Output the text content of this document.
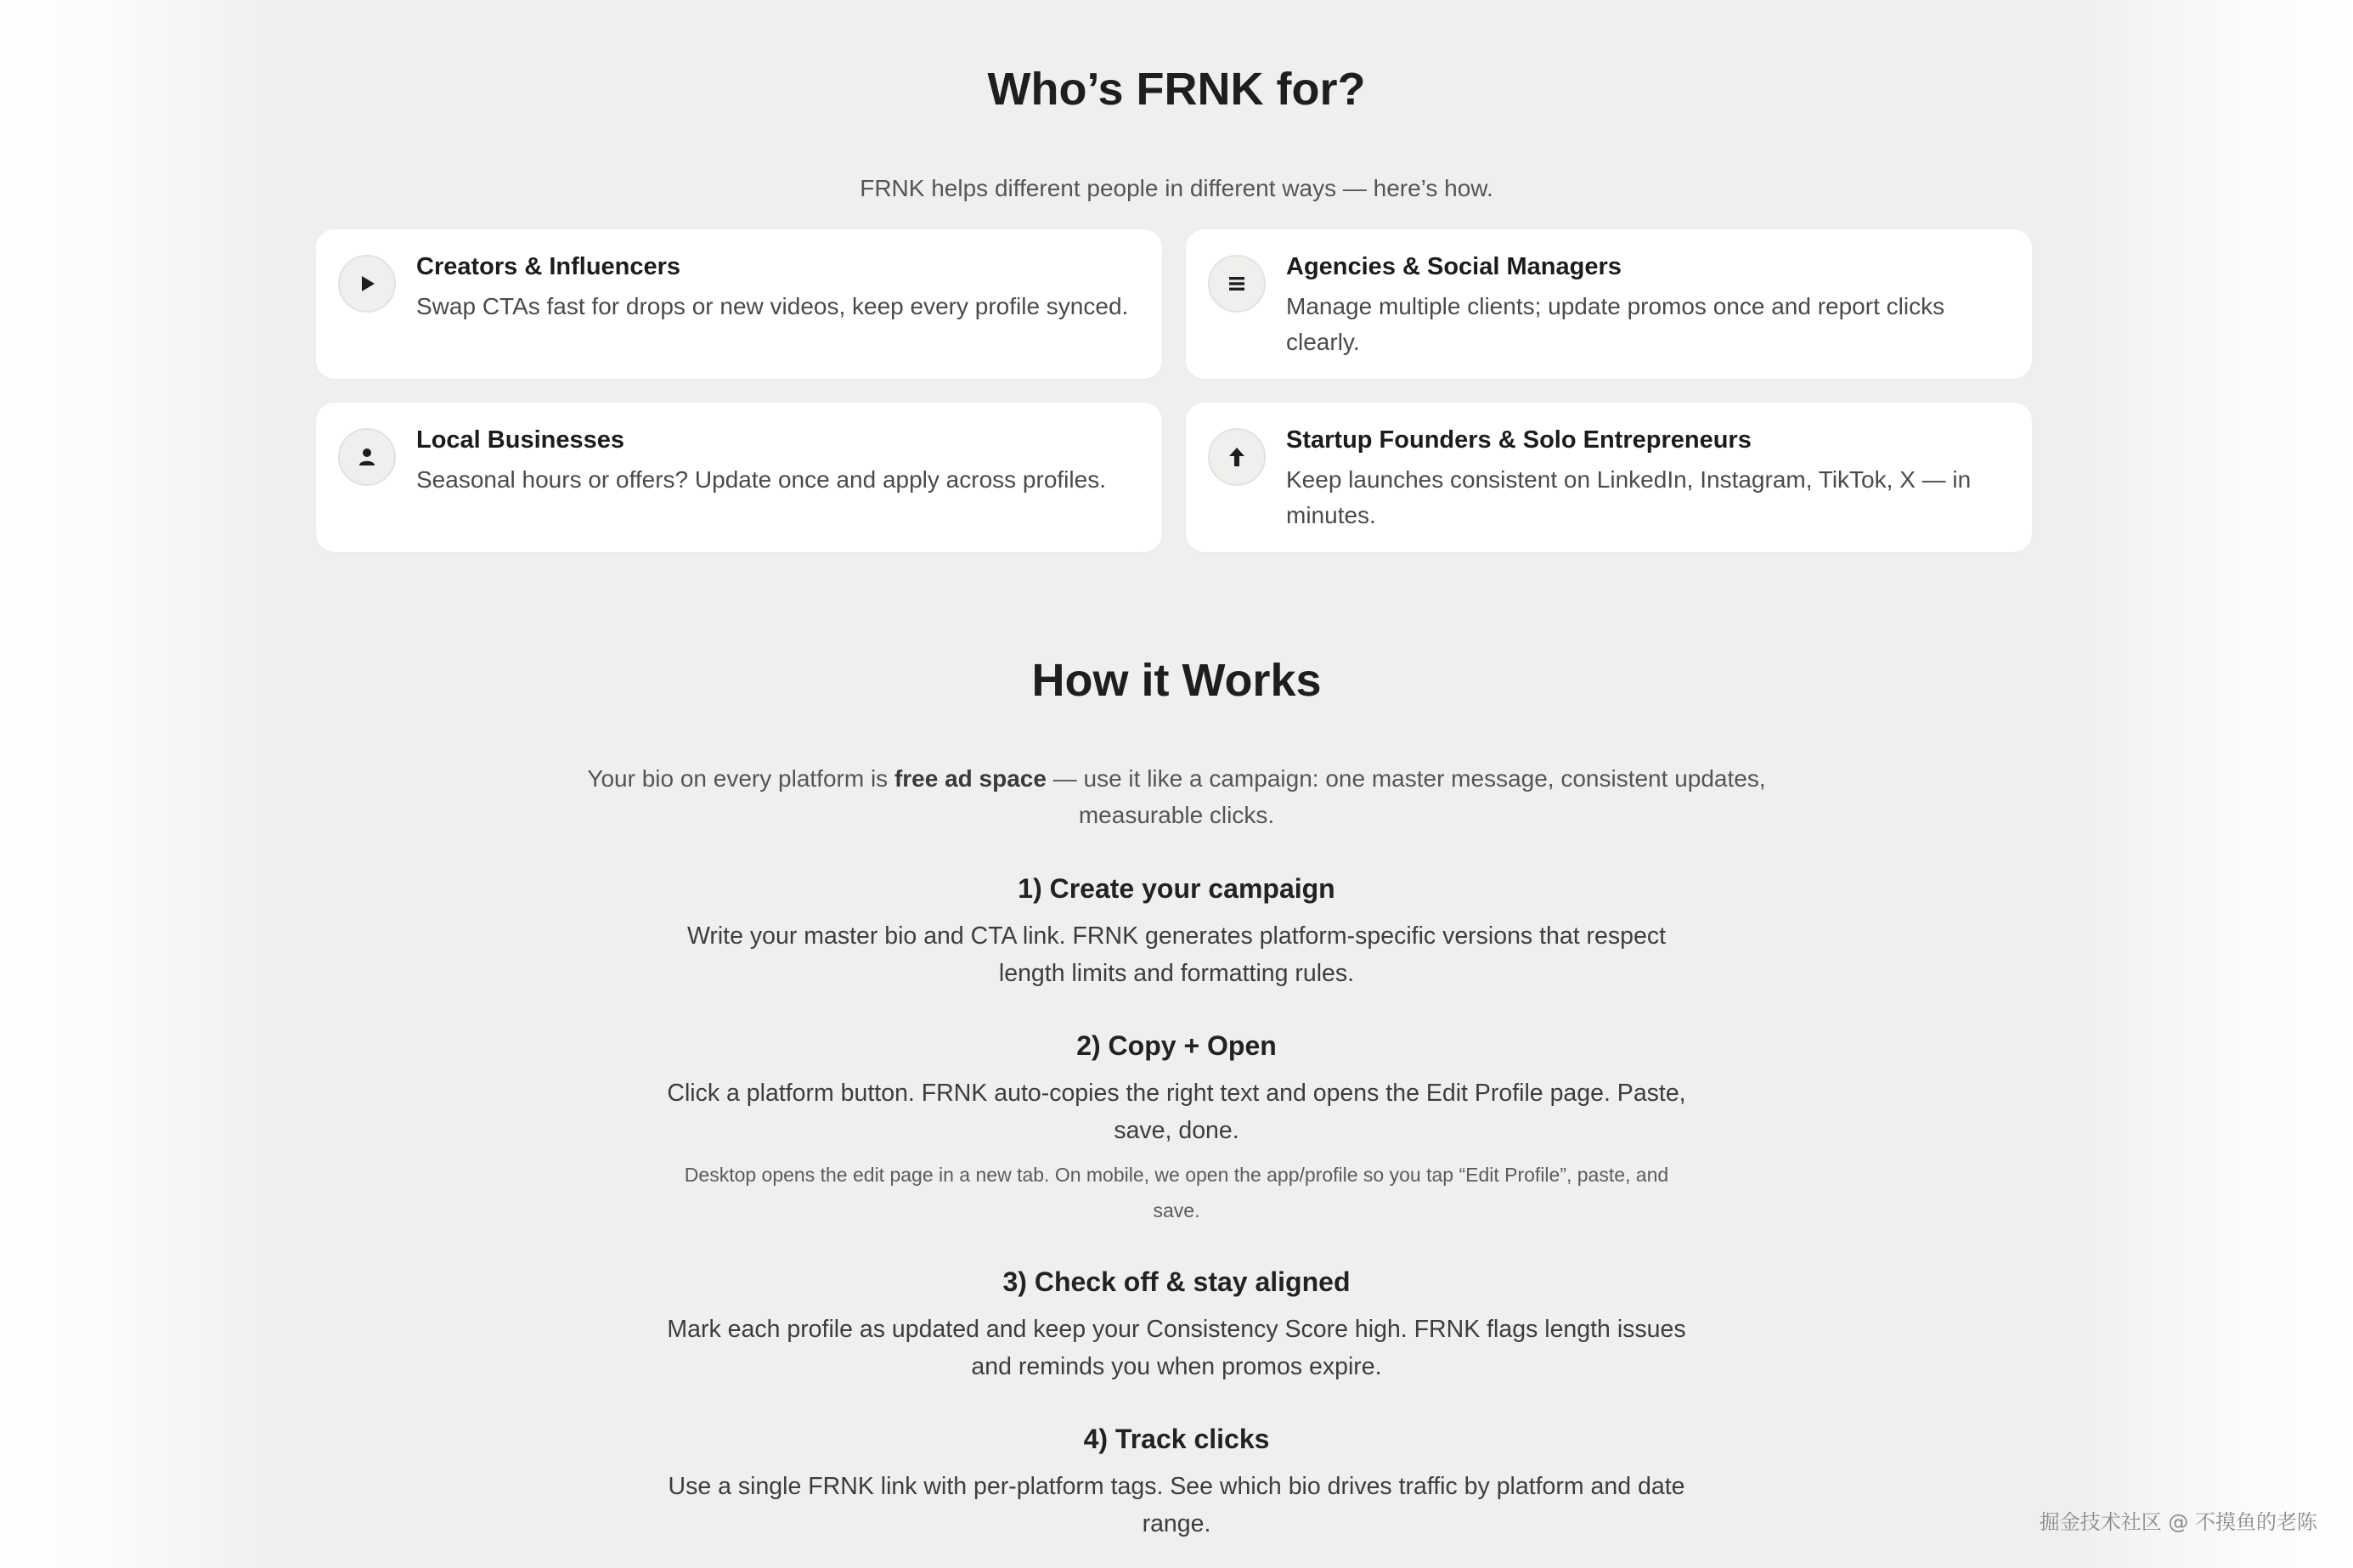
Who’s FRNK for?

FRNK helps different people in different ways — here’s how.

Creators & Influencers
Swap CTAs fast for drops or new videos, keep every profile synced.
Agencies & Social Managers
Manage multiple clients; update promos once and report clicks clearly.
Local Businesses
Seasonal hours or offers? Update once and apply across profiles.
Startup Founders & Solo Entrepreneurs
Keep launches consistent on LinkedIn, Instagram, TikTok, X — in minutes.
How it Works

Your bio on every platform is free ad space — use it like a campaign: one master message, consistent updates, measurable clicks.

1) Create your campaign

Write your master bio and CTA link. FRNK generates platform-specific versions that respect length limits and formatting rules.

2) Copy + Open

Click a platform button. FRNK auto-copies the right text and opens the Edit Profile page. Paste, save, done.

Desktop opens the edit page in a new tab. On mobile, we open the app/profile so you tap “Edit Profile”, paste, and save.

3) Check off & stay aligned

Mark each profile as updated and keep your Consistency Score high. FRNK flags length issues and reminds you when promos expire.

4) Track clicks

Use a single FRNK link with per-platform tags. See which bio drives traffic by platform and date range.	掘金技术社区 @ 不摸鱼的老陈
